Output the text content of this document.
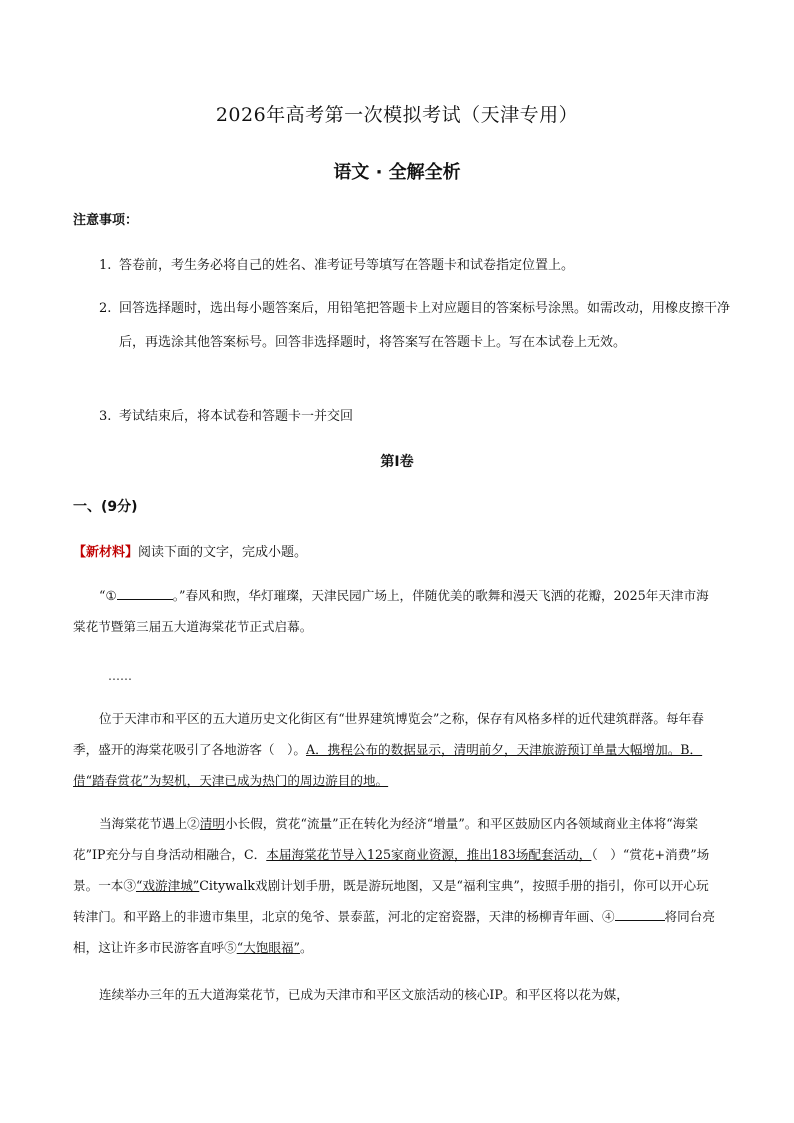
2026年高考第一次模拟考试（天津专用）
语文 · 全解全析
注意事项：
1. 答卷前，考生务必将自己的姓名、准考证号等填写在答题卡和试卷指定位置上。
2. 回答选择题时，选出每小题答案后，用铅笔把答题卡上对应题目的答案标号涂黑。如需改动，用橡皮擦干净后，再选涂其他答案标号。回答非选择题时，将答案写在答题卡上。写在本试卷上无效。
3. 考试结束后，将本试卷和答题卡一并交回
第Ⅰ卷
一、(9分)
【新材料】阅读下面的文字，完成小题。
“①	。”春风和煦，华灯璀璨，天津民园广场上，伴随优美的歌舞和漫天飞洒的花瓣，2025年天津市海棠花节暨第三届五大道海棠花节正式启幕。
……
位于天津市和平区的五大道历史文化街区有“世界建筑博览会”之称，保存有风格多样的近代建筑群落。每年春季，盛开的海棠花吸引了各地游客（　）。A．携程公布的数据显示，清明前夕，天津旅游预订单量大幅增加。B．借“踏春赏花”为契机，天津已成为热门的周边游目的地。
当海棠花节遇上②清明小长假，赏花“流量”正在转化为经济“增量”。和平区鼓励区内各领域商业主体将“海棠花”IP充分与自身活动相融合，C．本届海棠花节导入125家商业资源，推出183场配套活动，（　）“赏花+消费”场景。一本③“戏游津城”Citywalk戏剧计划手册，既是游玩地图，又是“福利宝典”，按照手册的指引，你可以开心玩转津门。和平路上的非遗市集里，北京的兔爷、景泰蓝，河北的定窑瓷器，天津的杨柳青年画、④	将同台亮相，这让许多市民游客直呼⑤“大饱眼福”。
连续举办三年的五大道海棠花节，已成为天津市和平区文旅活动的核心IP。和平区将以花为媒，
